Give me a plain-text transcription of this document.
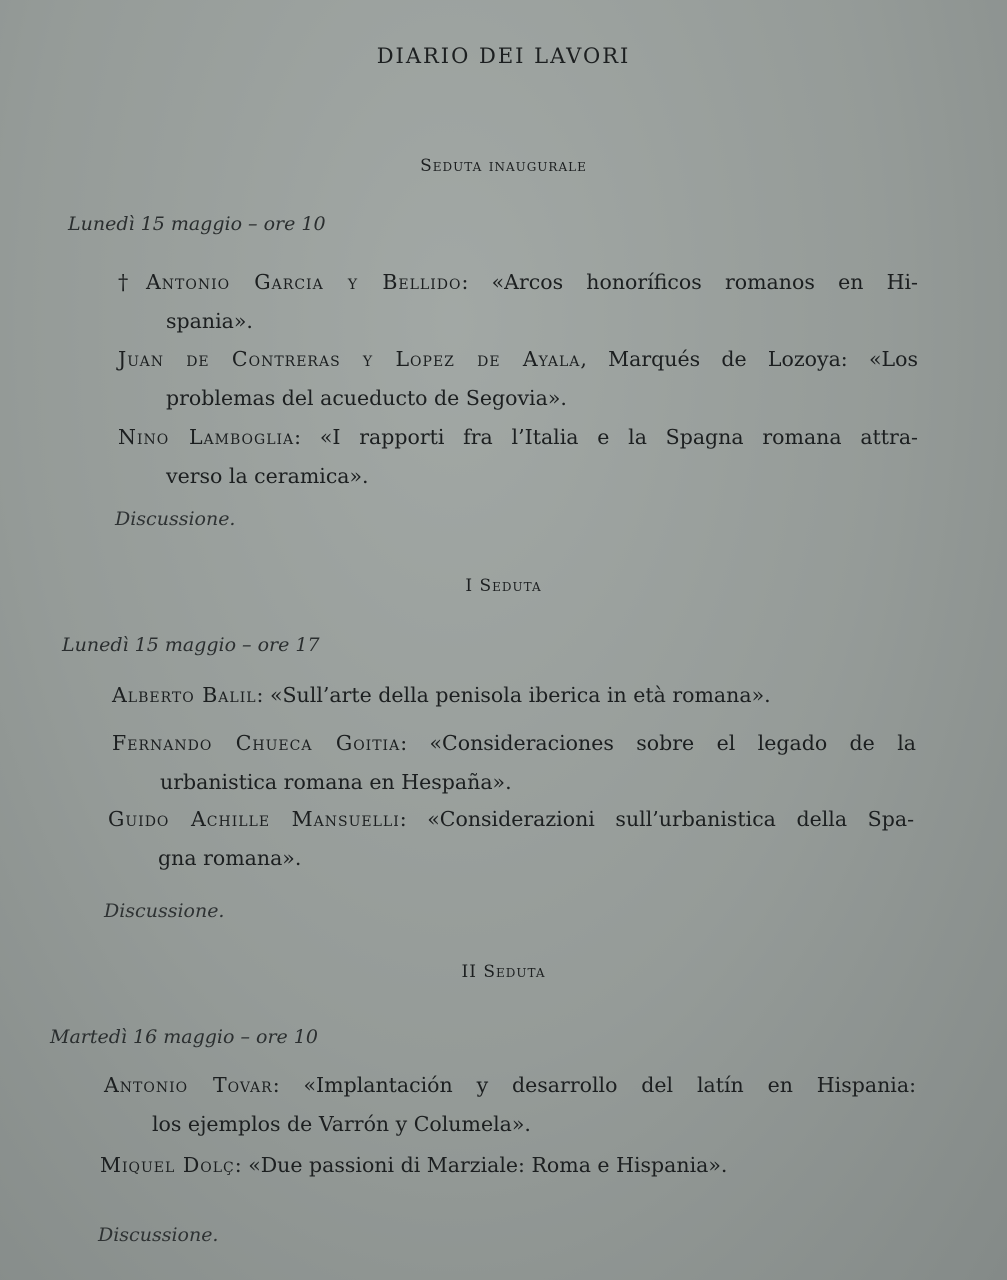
DIARIO DEI LAVORI
Seduta inaugurale
Lunedì 15 maggio – ore 10
†Antonio Garcia y Bellido: «Arcos honoríficos romanos en Hi-
spania».
Juan de Contreras y Lopez de Ayala, Marqués de Lozoya: «Los
problemas del acueducto de Segovia».
Nino Lamboglia: «I rapporti fra l’Italia e la Spagna romana attra-
verso la ceramica».
Discussione.
I Seduta
Lunedì 15 maggio – ore 17
Alberto Balil: «Sull’arte della penisola iberica in età romana».
Fernando Chueca Goitia: «Consideraciones sobre el legado de la
urbanistica romana en Hespaña».
Guido Achille Mansuelli: «Considerazioni sull’urbanistica della Spa-
gna romana».
Discussione.
II Seduta
Martedì 16 maggio – ore 10
Antonio Tovar: «Implantación y desarrollo del latín en Hispania:
los ejemplos de Varrón y Columela».
Miquel Dolç: «Due passioni di Marziale: Roma e Hispania».
Discussione.
